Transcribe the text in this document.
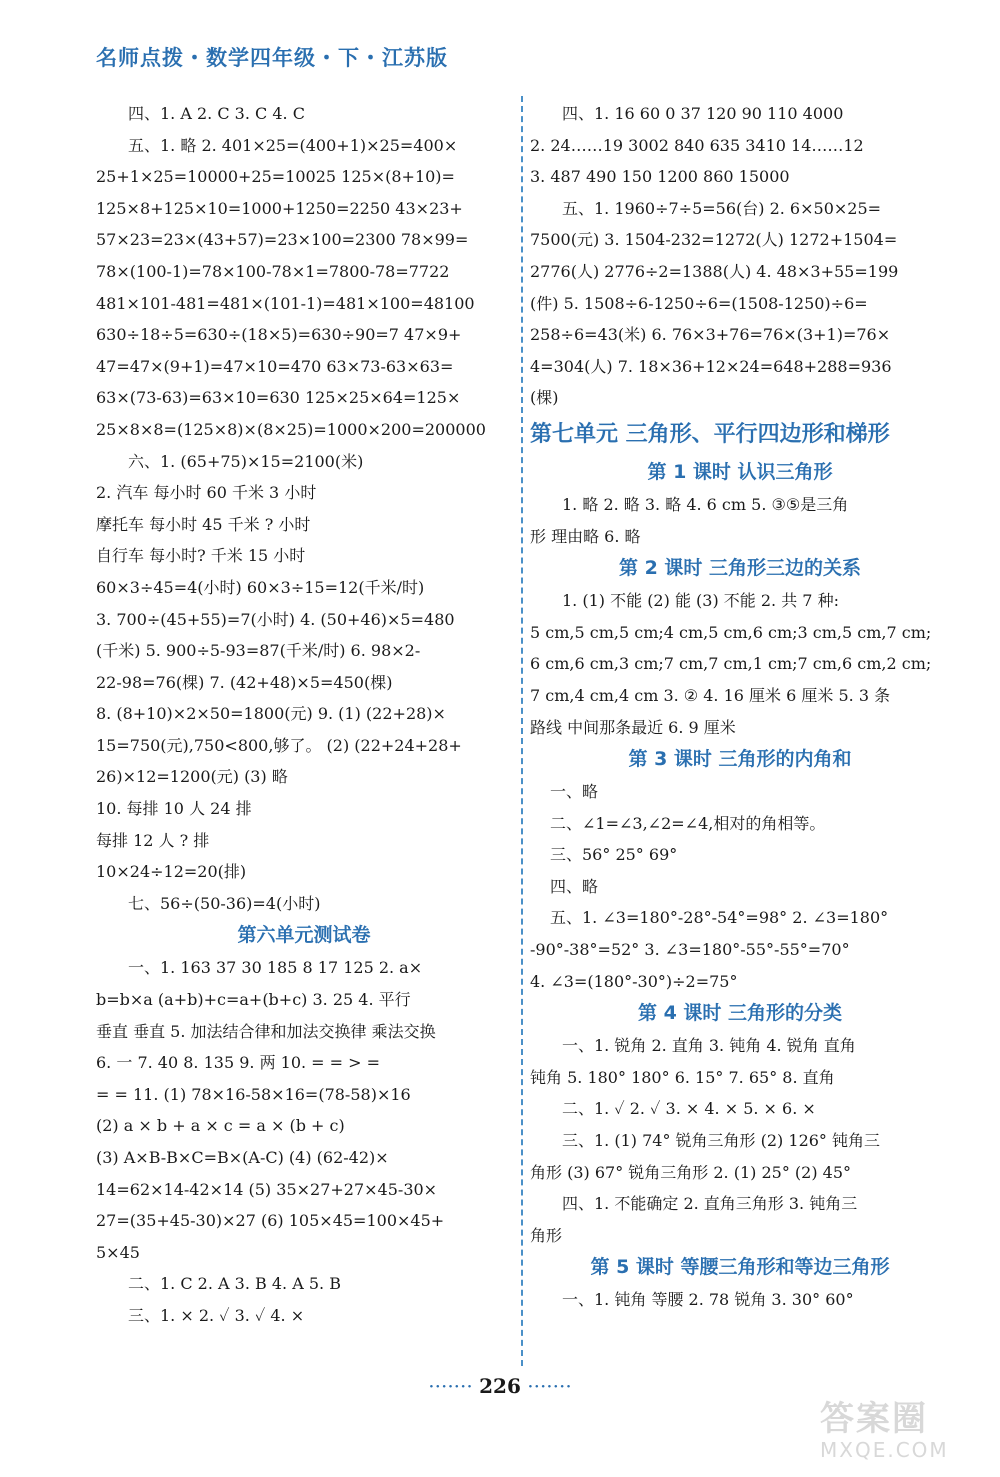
名师点拨・数学四年级・下・江苏版
四、1. A 2. C 3. C 4. C
五、1. 略 2. 401×25=(400+1)×25=400×
25+1×25=10000+25=10025 125×(8+10)=
125×8+125×10=1000+1250=2250 43×23+
57×23=23×(43+57)=23×100=2300 78×99=
78×(100-1)=78×100-78×1=7800-78=7722
481×101-481=481×(101-1)=481×100=48100
630÷18÷5=630÷(18×5)=630÷90=7 47×9+
47=47×(9+1)=47×10=470 63×73-63×63=
63×(73-63)=63×10=630 125×25×64=125×
25×8×8=(125×8)×(8×25)=1000×200=200000
六、1. (65+75)×15=2100(米)
2. 汽车 每小时 60 千米 3 小时
摩托车 每小时 45 千米 ? 小时
自行车 每小时? 千米 15 小时
60×3÷45=4(小时) 60×3÷15=12(千米/时)
3. 700÷(45+55)=7(小时) 4. (50+46)×5=480
(千米) 5. 900÷5-93=87(千米/时) 6. 98×2-
22-98=76(棵) 7. (42+48)×5=450(棵)
8. (8+10)×2×50=1800(元) 9. (1) (22+28)×
15=750(元),750<800,够了。 (2) (22+24+28+
26)×12=1200(元) (3) 略
10. 每排 10 人 24 排
每排 12 人 ? 排
10×24÷12=20(排)
七、56÷(50-36)=4(小时)
第六单元测试卷
一、1. 163 37 30 185 8 17 125 2. a×
b=b×a (a+b)+c=a+(b+c) 3. 25 4. 平行
垂直 垂直 5. 加法结合律和加法交换律 乘法交换
6. 一 7. 40 8. 135 9. 两 10. = = > =
= = 11. (1) 78×16-58×16=(78-58)×16
(2) a × b + a × c = a × (b + c)
(3) A×B-B×C=B×(A-C) (4) (62-42)×
14=62×14-42×14 (5) 35×27+27×45-30×
27=(35+45-30)×27 (6) 105×45=100×45+
5×45
二、1. C 2. A 3. B 4. A 5. B
三、1. × 2. ✓ 3. ✓ 4. ×
四、1. 16 60 0 37 120 90 110 4000
2. 24……19 3002 840 635 3410 14……12
3. 487 490 150 1200 860 15000
五、1. 1960÷7÷5=56(台) 2. 6×50×25=
7500(元) 3. 1504-232=1272(人) 1272+1504=
2776(人) 2776÷2=1388(人) 4. 48×3+55=199
(件) 5. 1508÷6-1250÷6=(1508-1250)÷6=
258÷6=43(米) 6. 76×3+76=76×(3+1)=76×
4=304(人) 7. 18×36+12×24=648+288=936
(棵)
第七单元 三角形、平行四边形和梯形
第 1 课时 认识三角形
1. 略 2. 略 3. 略 4. 6 cm 5. ③⑤是三角
形 理由略 6. 略
第 2 课时 三角形三边的关系
1. (1) 不能 (2) 能 (3) 不能 2. 共 7 种:
5 cm,5 cm,5 cm;4 cm,5 cm,6 cm;3 cm,5 cm,7 cm;
6 cm,6 cm,3 cm;7 cm,7 cm,1 cm;7 cm,6 cm,2 cm;
7 cm,4 cm,4 cm 3. ② 4. 16 厘米 6 厘米 5. 3 条
路线 中间那条最近 6. 9 厘米
第 3 课时 三角形的内角和
一、略
二、∠1=∠3,∠2=∠4,相对的角相等。
三、56° 25° 69°
四、略
五、1. ∠3=180°-28°-54°=98° 2. ∠3=180°
-90°-38°=52° 3. ∠3=180°-55°-55°=70°
4. ∠3=(180°-30°)÷2=75°
第 4 课时 三角形的分类
一、1. 锐角 2. 直角 3. 钝角 4. 锐角 直角
钝角 5. 180° 180° 6. 15° 7. 65° 8. 直角
二、1. ✓ 2. ✓ 3. × 4. × 5. × 6. ×
三、1. (1) 74° 锐角三角形 (2) 126° 钝角三
角形 (3) 67° 锐角三角形 2. (1) 25° (2) 45°
四、1. 不能确定 2. 直角三角形 3. 钝角三
角形
第 5 课时 等腰三角形和等边三角形
一、1. 钝角 等腰 2. 78 锐角 3. 30° 60°
······· 226 ·······
答案圈
MXQE.COM
